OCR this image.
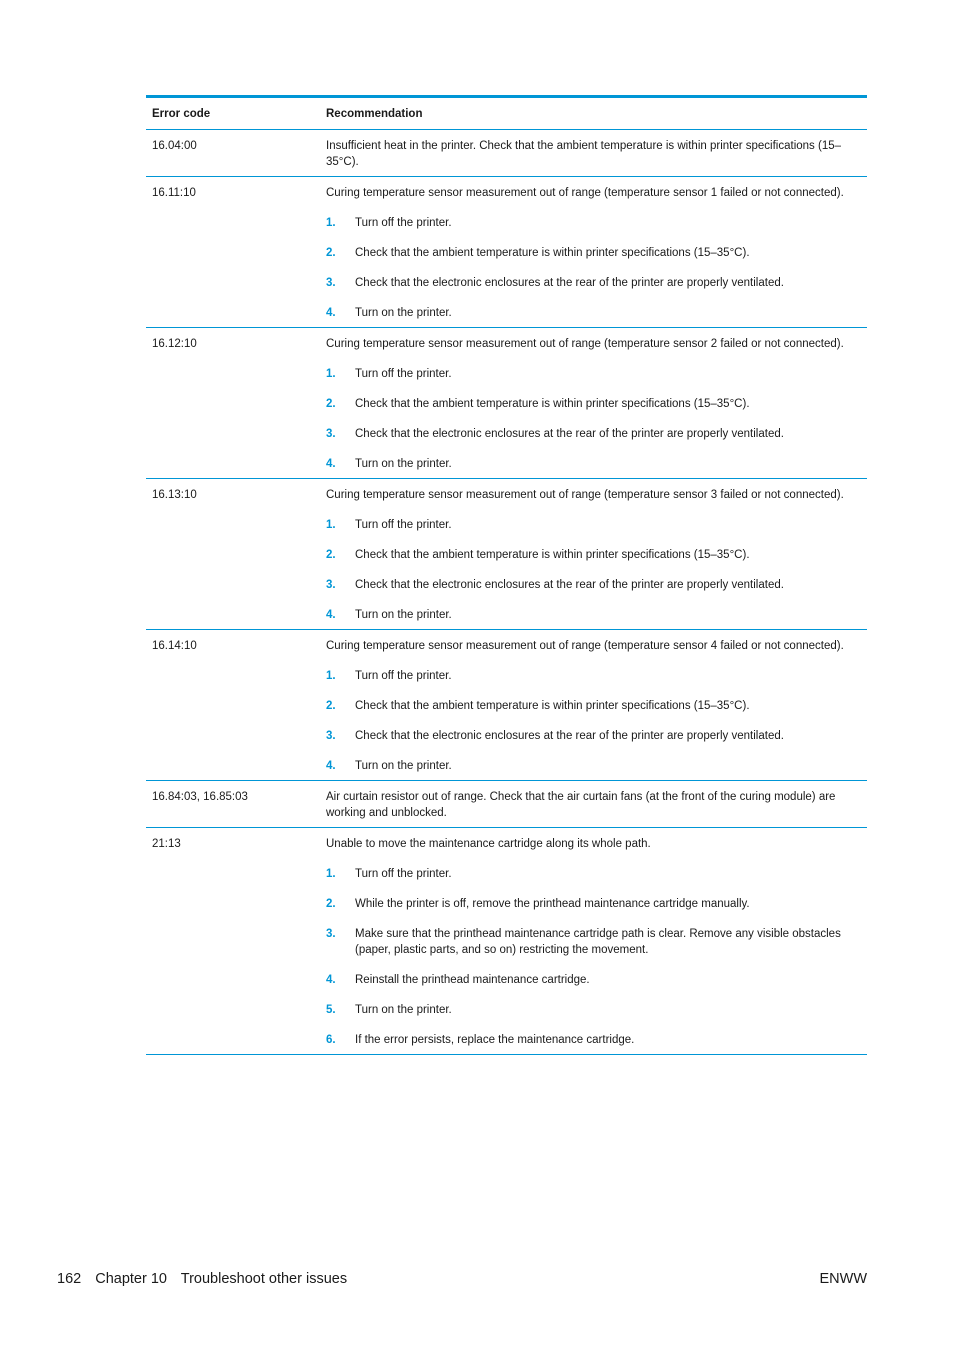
Error code	Recommendation
16.04:00	Insufficient heat in the printer. Check that the ambient temperature is within printer specifications (15–35°C).

16.11:10	Curing temperature sensor measurement out of range (temperature sensor 1 failed or not connected).

1.	Turn off the printer.
2.	Check that the ambient temperature is within printer specifications (15–35°C).
3.	Check that the electronic enclosures at the rear of the printer are properly ventilated.
4.	Turn on the printer.
16.12:10	Curing temperature sensor measurement out of range (temperature sensor 2 failed or not connected).

1.	Turn off the printer.
2.	Check that the ambient temperature is within printer specifications (15–35°C).
3.	Check that the electronic enclosures at the rear of the printer are properly ventilated.
4.	Turn on the printer.
16.13:10	Curing temperature sensor measurement out of range (temperature sensor 3 failed or not connected).

1.	Turn off the printer.
2.	Check that the ambient temperature is within printer specifications (15–35°C).
3.	Check that the electronic enclosures at the rear of the printer are properly ventilated.
4.	Turn on the printer.
16.14:10	Curing temperature sensor measurement out of range (temperature sensor 4 failed or not connected).

1.	Turn off the printer.
2.	Check that the ambient temperature is within printer specifications (15–35°C).
3.	Check that the electronic enclosures at the rear of the printer are properly ventilated.
4.	Turn on the printer.
16.84:03, 16.85:03	Air curtain resistor out of range. Check that the air curtain fans (at the front of the curing module) are working and unblocked.

21:13	Unable to move the maintenance cartridge along its whole path.

1.	Turn off the printer.
2.	While the printer is off, remove the printhead maintenance cartridge manually.
3.	Make sure that the printhead maintenance cartridge path is clear. Remove any visible obstacles (paper, plastic parts, and so on) restricting the movement.
4.	Reinstall the printhead maintenance cartridge.
5.	Turn on the printer.
6.	If the error persists, replace the maintenance cartridge.
162 Chapter 10 Troubleshoot other issues	ENWW
